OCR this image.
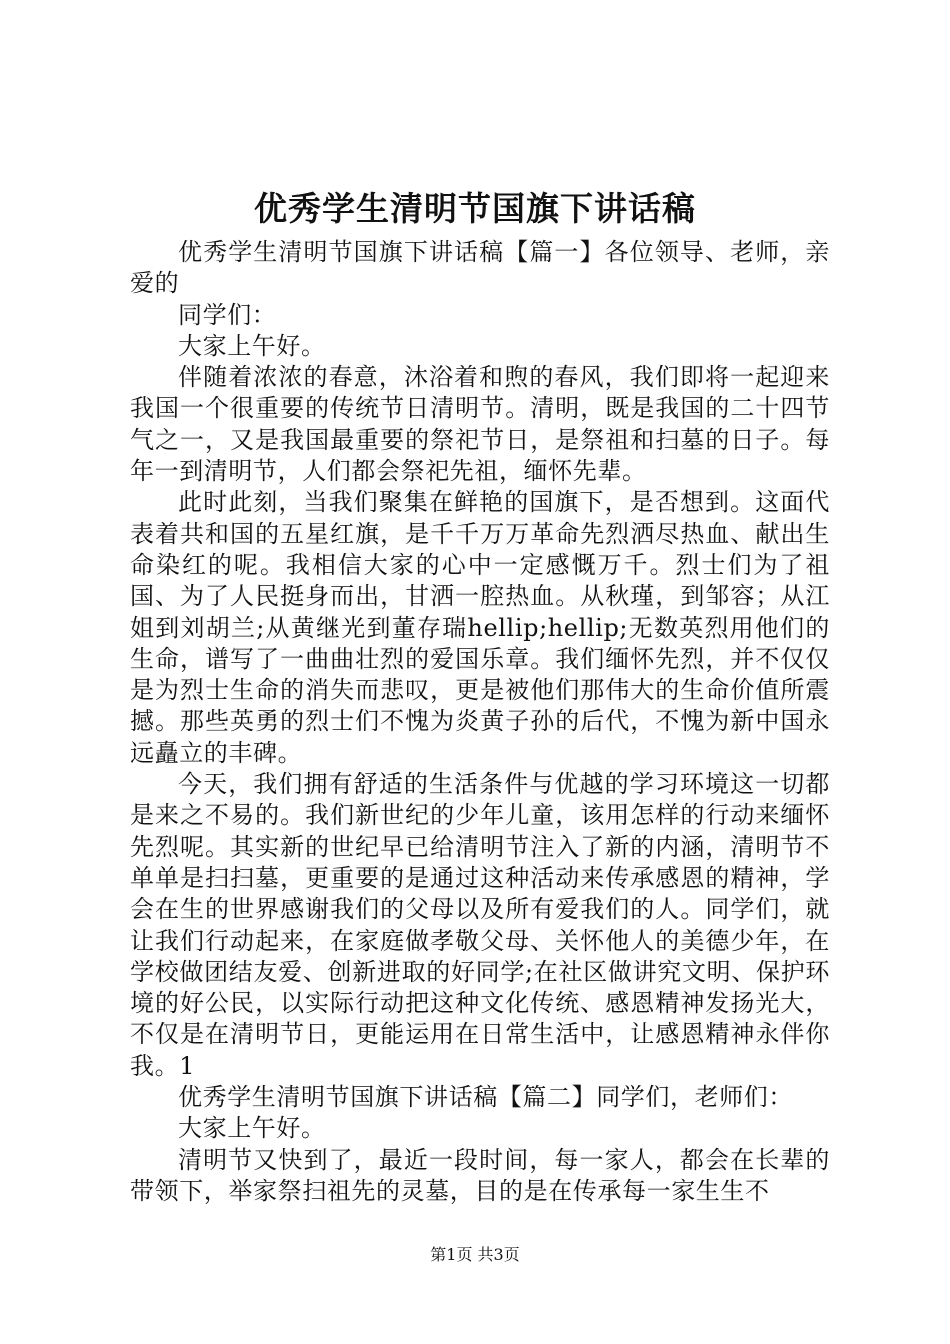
优秀学生清明节国旗下讲话稿

优秀学生清明节国旗下讲话稿【篇一】各位领导、老师，亲爱的

同学们：

大家上午好。

伴随着浓浓的春意，沐浴着和煦的春风，我们即将一起迎来我国一个很重要的传统节日清明节。清明，既是我国的二十四节气之一，又是我国最重要的祭祀节日，是祭祖和扫墓的日子。每年一到清明节，人们都会祭祀先祖，缅怀先辈。

此时此刻，当我们聚集在鲜艳的国旗下，是否想到。这面代表着共和国的五星红旗，是千千万万革命先烈洒尽热血、献出生命染红的呢。我相信大家的心中一定感慨万千。烈士们为了祖国、为了人民挺身而出，甘洒一腔热血。从秋瑾，到邹容；从江姐到刘胡兰;从黄继光到董存瑞hellip;hellip;无数英烈用他们的生命，谱写了一曲曲壮烈的爱国乐章。我们缅怀先烈，并不仅仅是为烈士生命的消失而悲叹，更是被他们那伟大的生命价值所震撼。那些英勇的烈士们不愧为炎黄子孙的后代，不愧为新中国永远矗立的丰碑。

今天，我们拥有舒适的生活条件与优越的学习环境这一切都是来之不易的。我们新世纪的少年儿童，该用怎样的行动来缅怀先烈呢。其实新的世纪早已给清明节注入了新的内涵，清明节不单单是扫扫墓，更重要的是通过这种活动来传承感恩的精神，学会在生的世界感谢我们的父母以及所有爱我们的人。同学们，就让我们行动起来，在家庭做孝敬父母、关怀他人的美德少年，在学校做团结友爱、创新进取的好同学;在社区做讲究文明、保护环境的好公民，以实际行动把这种文化传统、感恩精神发扬光大，不仅是在清明节日，更能运用在日常生活中，让感恩精神永伴你我。1

优秀学生清明节国旗下讲话稿【篇二】同学们，老师们：

大家上午好。

清明节又快到了，最近一段时间，每一家人，都会在长辈的带领下，举家祭扫祖先的灵墓，目的是在传承每一家生生不

第1页 共3页
